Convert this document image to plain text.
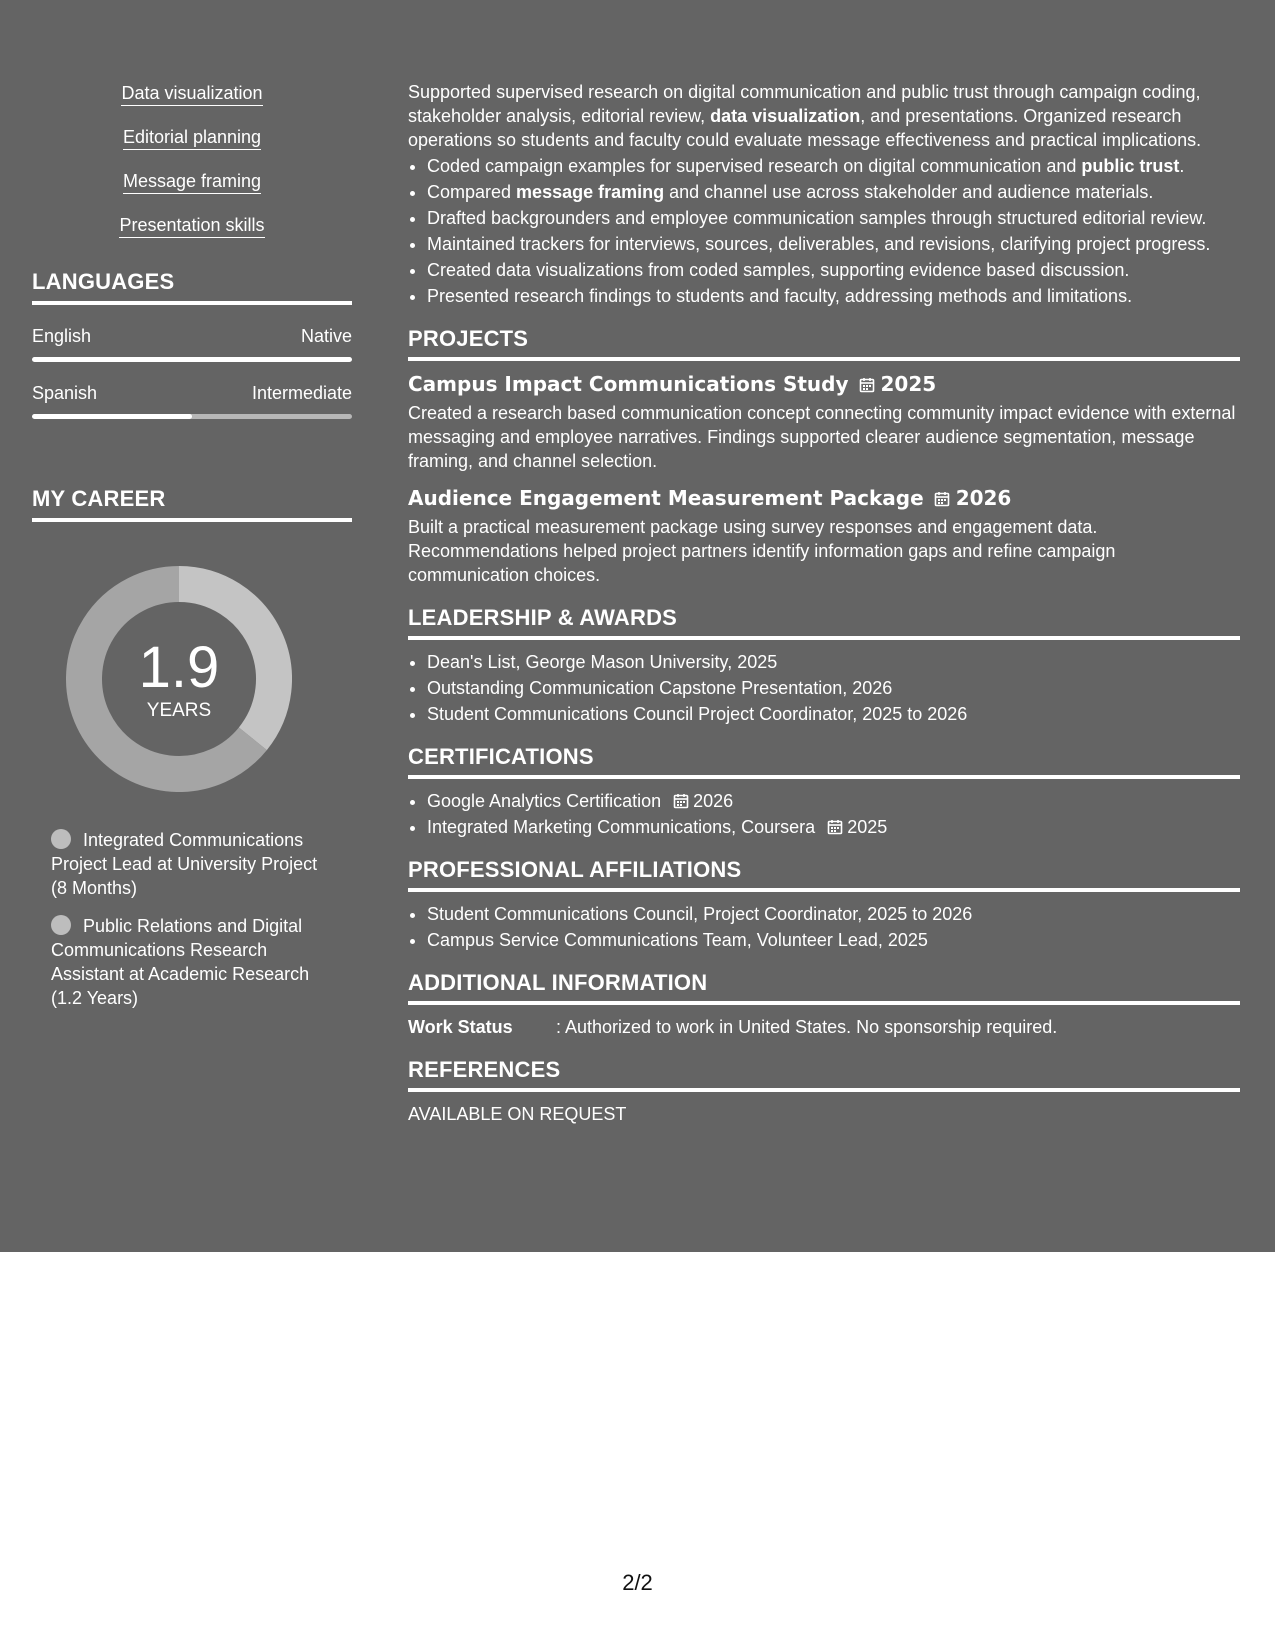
Data visualization
Editorial planning
Message framing
Presentation skills
LANGUAGES
English	Native
Spanish	Intermediate
MY CAREER
1.9
YEARS
Integrated Communications Project Lead at University Project (8 Months)
Public Relations and Digital Communications Research Assistant at Academic Research (1.2 Years)

Supported supervised research on digital communication and public trust through campaign coding, stakeholder analysis, editorial review, data visualization, and presentations. Organized research operations so students and faculty could evaluate message effectiveness and practical implications.

• Coded campaign examples for supervised research on digital communication and public trust.
• Compared message framing and channel use across stakeholder and audience materials.
• Drafted backgrounders and employee communication samples through structured editorial review.
• Maintained trackers for interviews, sources, deliverables, and revisions, clarifying project progress.
• Created data visualizations from coded samples, supporting evidence based discussion.
• Presented research findings to students and faculty, addressing methods and limitations.
PROJECTS
Campus Impact Communications Study 2025

Created a research based communication concept connecting community impact evidence with external messaging and employee narratives. Findings supported clearer audience segmentation, message framing, and channel selection.

Audience Engagement Measurement Package 2026

Built a practical measurement package using survey responses and engagement data. Recommendations helped project partners identify information gaps and refine campaign communication choices.

LEADERSHIP & AWARDS
• Dean's List, George Mason University, 2025
• Outstanding Communication Capstone Presentation, 2026
• Student Communications Council Project Coordinator, 2025 to 2026
CERTIFICATIONS
• Google Analytics Certification 2026
• Integrated Marketing Communications, Coursera 2025
PROFESSIONAL AFFILIATIONS
• Student Communications Council, Project Coordinator, 2025 to 2026
• Campus Service Communications Team, Volunteer Lead, 2025
ADDITIONAL INFORMATION
Work Status	: Authorized to work in United States. No sponsorship required.
REFERENCES
AVAILABLE ON REQUEST
2/2
